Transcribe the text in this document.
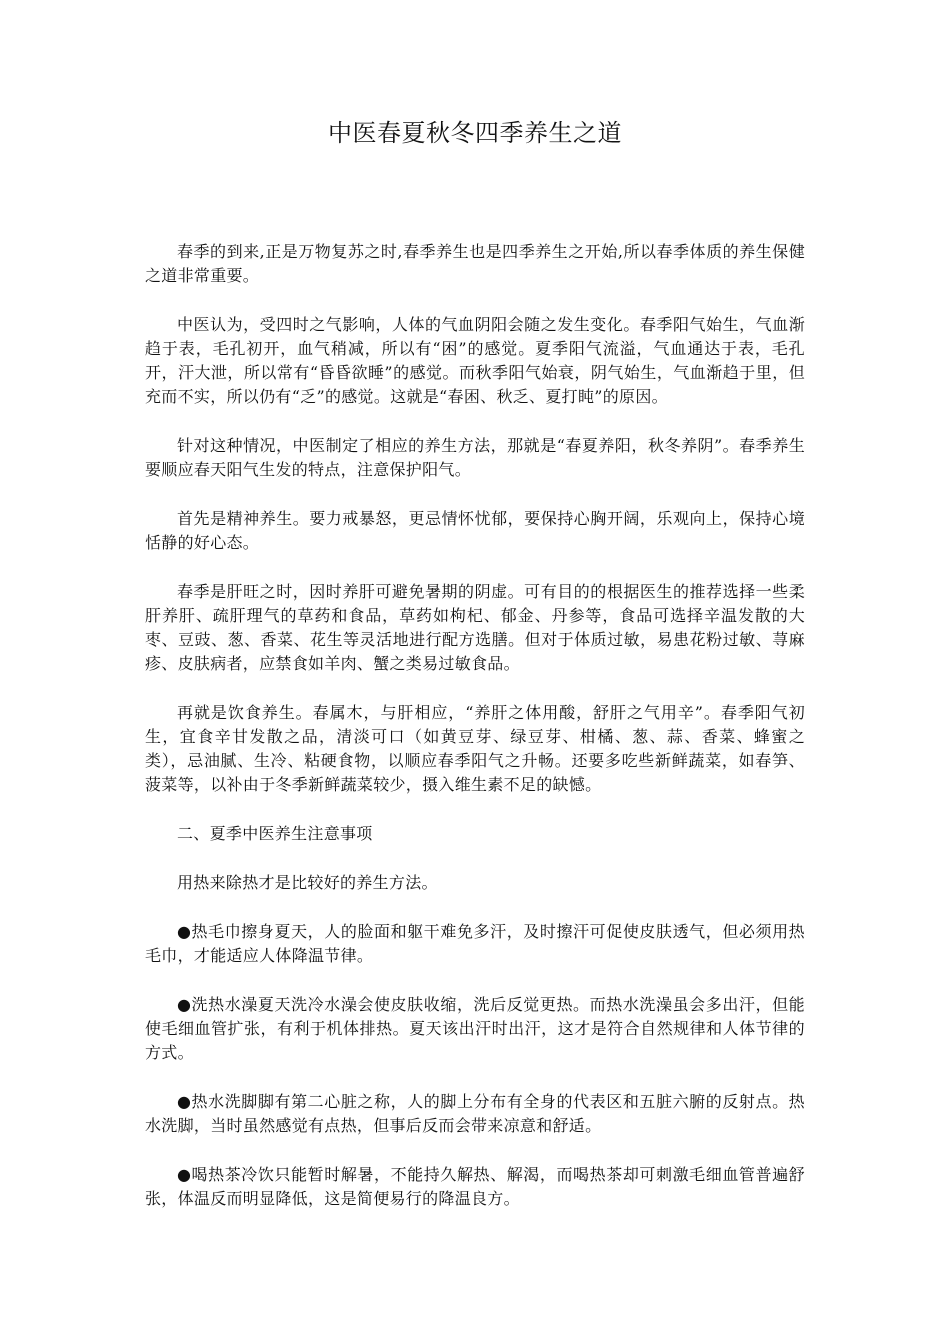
中医春夏秋冬四季养生之道

春季的到来,正是万物复苏之时,春季养生也是四季养生之开始,所以春季体质的养生保健之道非常重要。

中医认为，受四时之气影响，人体的气血阴阳会随之发生变化。春季阳气始生，气血渐趋于表，毛孔初开，血气稍减，所以有“困”的感觉。夏季阳气流溢，气血通达于表，毛孔开，汗大泄，所以常有“昏昏欲睡”的感觉。而秋季阳气始衰，阴气始生，气血渐趋于里，但充而不实，所以仍有“乏”的感觉。这就是“春困、秋乏、夏打盹”的原因。

针对这种情况，中医制定了相应的养生方法，那就是“春夏养阳，秋冬养阴”。春季养生要顺应春天阳气生发的特点，注意保护阳气。

首先是精神养生。要力戒暴怒，更忌情怀忧郁，要保持心胸开阔，乐观向上，保持心境恬静的好心态。

春季是肝旺之时，因时养肝可避免暑期的阴虚。可有目的的根据医生的推荐选择一些柔肝养肝、疏肝理气的草药和食品，草药如枸杞、郁金、丹参等，食品可选择辛温发散的大枣、豆豉、葱、香菜、花生等灵活地进行配方选膳。但对于体质过敏，易患花粉过敏、荨麻疹、皮肤病者，应禁食如羊肉、蟹之类易过敏食品。

再就是饮食养生。春属木，与肝相应，“养肝之体用酸，舒肝之气用辛”。春季阳气初生，宜食辛甘发散之品，清淡可口（如黄豆芽、绿豆芽、柑橘、葱、蒜、香菜、蜂蜜之类），忌油腻、生冷、粘硬食物，以顺应春季阳气之升畅。还要多吃些新鲜蔬菜，如春笋、菠菜等，以补由于冬季新鲜蔬菜较少，摄入维生素不足的缺憾。

二、夏季中医养生注意事项

用热来除热才是比较好的养生方法。

●热毛巾擦身夏天，人的脸面和躯干难免多汗，及时擦汗可促使皮肤透气，但必须用热毛巾，才能适应人体降温节律。

●洗热水澡夏天洗冷水澡会使皮肤收缩，洗后反觉更热。而热水洗澡虽会多出汗，但能使毛细血管扩张，有利于机体排热。夏天该出汗时出汗，这才是符合自然规律和人体节律的方式。

●热水洗脚脚有第二心脏之称，人的脚上分布有全身的代表区和五脏六腑的反射点。热水洗脚，当时虽然感觉有点热，但事后反而会带来凉意和舒适。

●喝热茶冷饮只能暂时解暑，不能持久解热、解渴，而喝热茶却可刺激毛细血管普遍舒张，体温反而明显降低，这是简便易行的降温良方。
